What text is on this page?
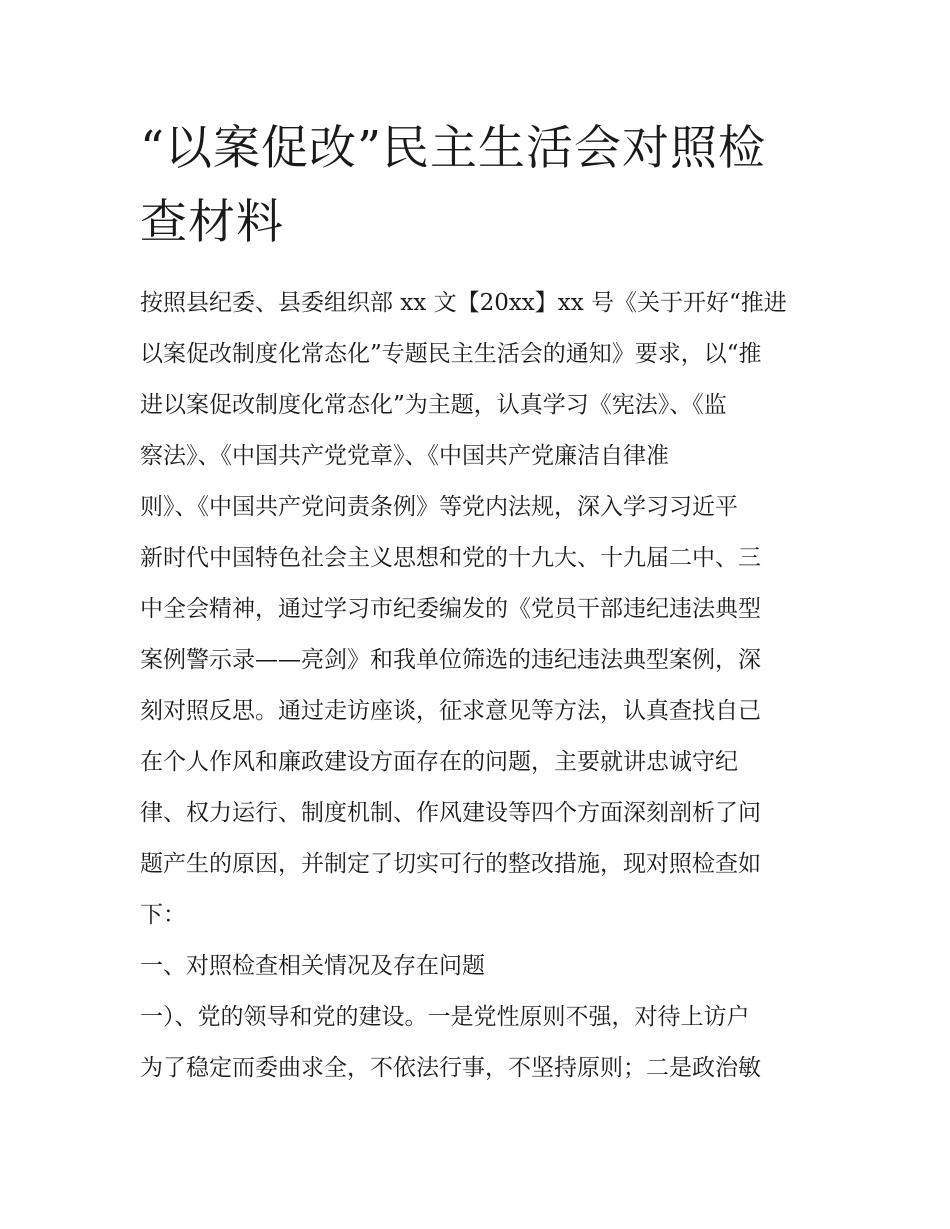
“以案促改”民主生活会对照检
查材料
按照县纪委、县委组织部 xx 文【20xx】xx 号《关于开好“推进
以案促改制度化常态化”专题民主生活会的通知》要求，以“推
进以案促改制度化常态化”为主题，认真学习《宪法》、《监
察法》、《中国共产党党章》、《中国共产党廉洁自律准
则》、《中国共产党问责条例》等党内法规，深入学习习近平
新时代中国特色社会主义思想和党的十九大、十九届二中、三
中全会精神，通过学习市纪委编发的《党员干部违纪违法典型
案例警示录——亮剑》和我单位筛选的违纪违法典型案例，深
刻对照反思。通过走访座谈，征求意见等方法，认真查找自己
在个人作风和廉政建设方面存在的问题，主要就讲忠诚守纪
律、权力运行、制度机制、作风建设等四个方面深刻剖析了问
题产生的原因，并制定了切实可行的整改措施，现对照检查如
下：
一、对照检查相关情况及存在问题
一）、党的领导和党的建设。一是党性原则不强，对待上访户
为了稳定而委曲求全，不依法行事，不坚持原则；二是政治敏
